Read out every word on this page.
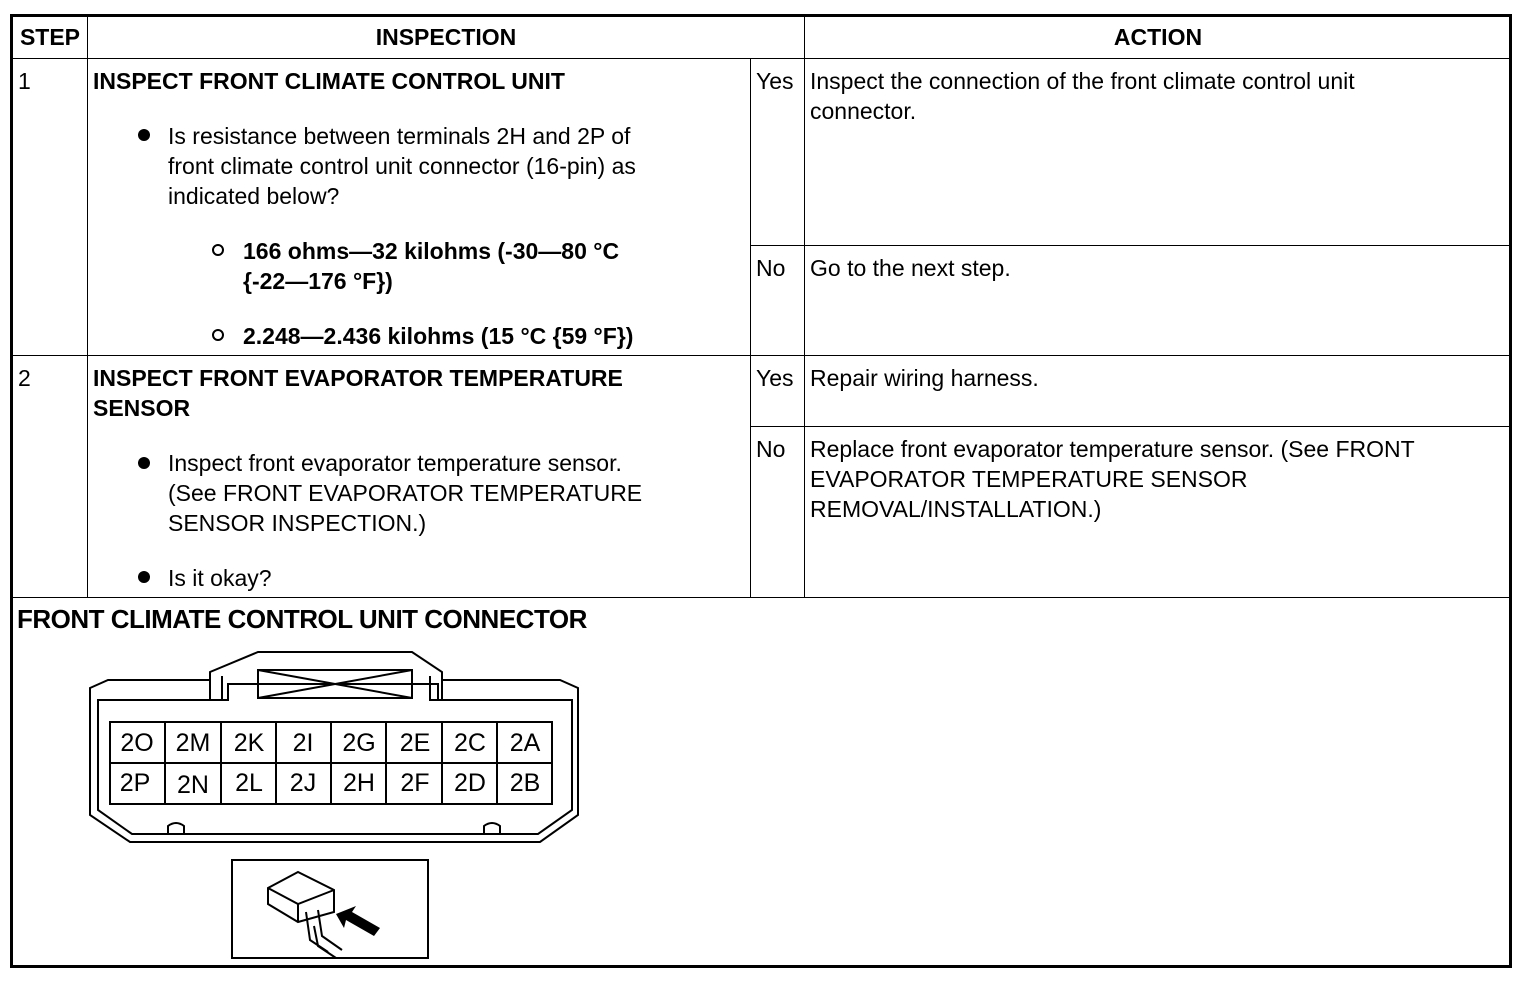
STEP	INSPECTION	ACTION
1	INSPECT FRONT CLIMATE CONTROL UNIT
Is resistance between terminals 2H and 2P of
front climate control unit connector (16-pin) as
indicated below?
166 ohms—32 kilohms (-30—80 °C
{-22—176 °F})
2.248—2.436 kilohms (15 °C {59 °F})
Yes Inspect the connection of the front climate control unit
connector.
No Go to the next step.
2	INSPECT FRONT EVAPORATOR TEMPERATURE
SENSOR
Inspect front evaporator temperature sensor.
(See FRONT EVAPORATOR TEMPERATURE
SENSOR INSPECTION.)
Is it okay?
Yes Repair wiring harness.
No Replace front evaporator temperature sensor. (See FRONT
EVAPORATOR TEMPERATURE SENSOR
REMOVAL/INSTALLATION.)
FRONT CLIMATE CONTROL UNIT CONNECTOR
2O 2M 2K	2I	2G 2E 2C 2A
2P	2N	2L	2J	2H	2F 2D 2B
